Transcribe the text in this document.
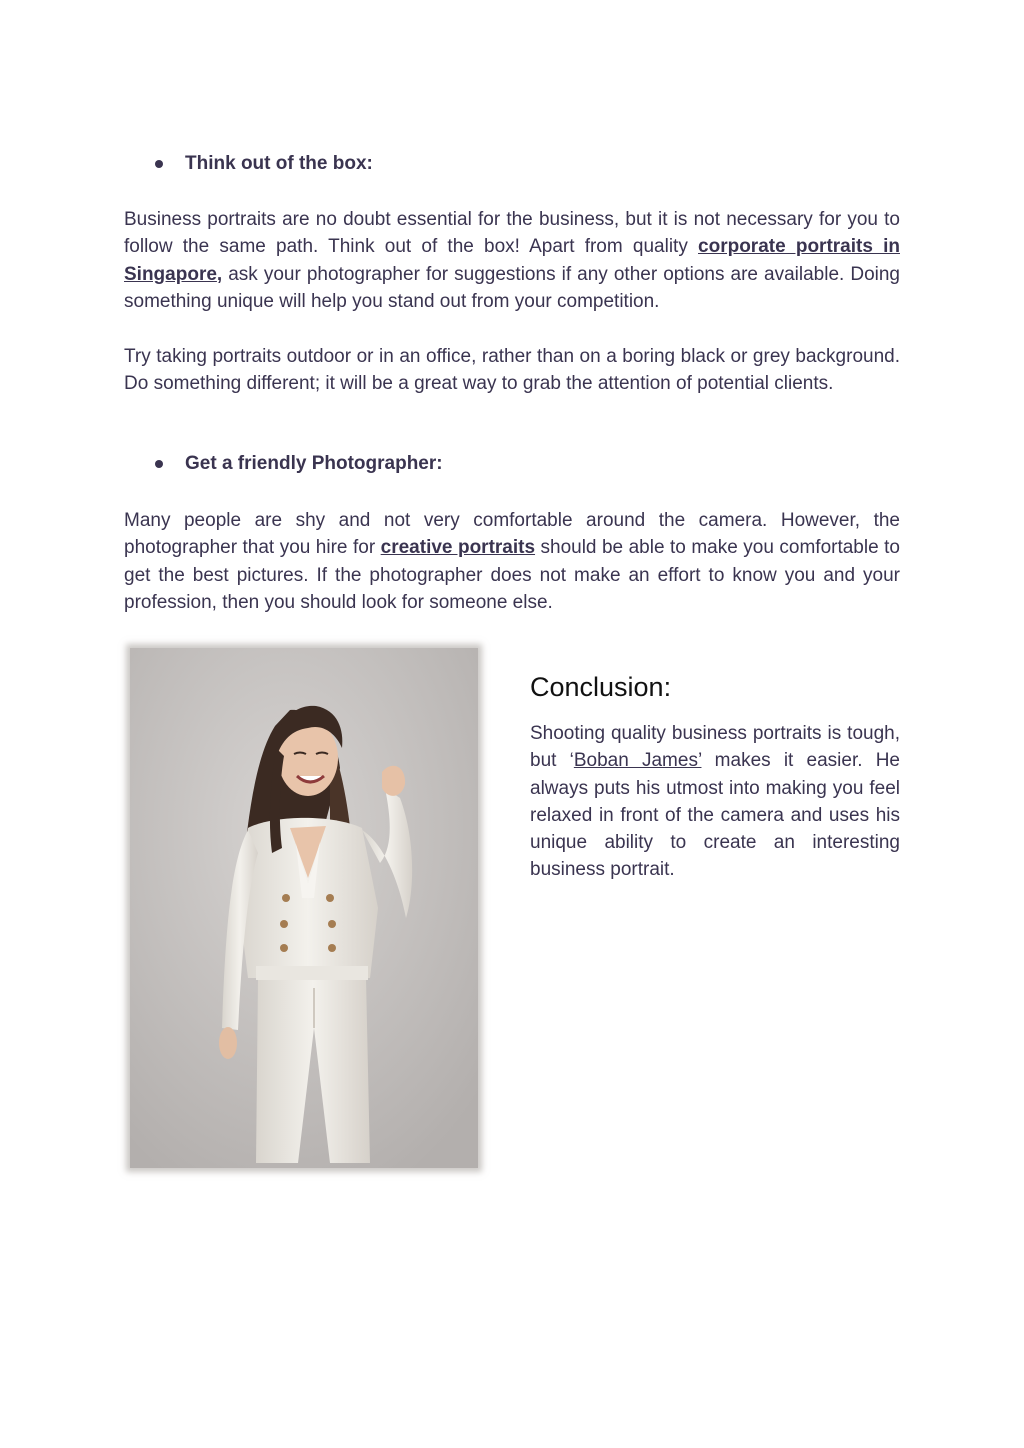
Think out of the box:

Business portraits are no doubt essential for the business, but it is not necessary for you to follow the same path. Think out of the box! Apart from quality corporate portraits in Singapore, ask your photographer for suggestions if any other options are available. Doing something unique will help you stand out from your competition.

Try taking portraits outdoor or in an office, rather than on a boring black or grey background. Do something different; it will be a great way to grab the attention of potential clients.

Get a friendly Photographer:

Many people are shy and not very comfortable around the camera. However, the photographer that you hire for creative portraits should be able to make you comfortable to get the best pictures. If the photographer does not make an effort to know you and your profession, then you should look for someone else.

Conclusion:

Shooting quality business portraits is tough, but ‘Boban James’ makes it easier. He always puts his utmost into making you feel relaxed in front of the camera and uses his unique ability to create an interesting business portrait.
